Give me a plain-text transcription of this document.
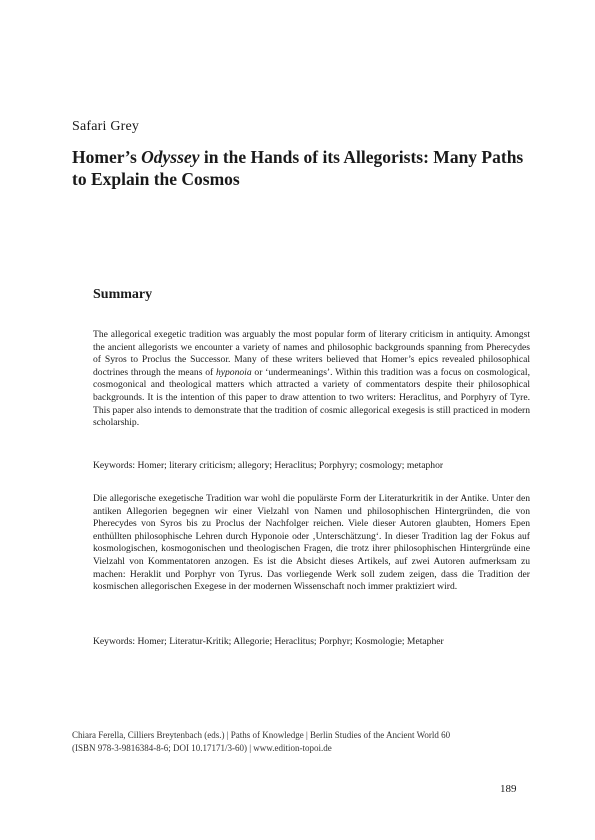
Safari Grey
Homer’s Odyssey in the Hands of its Allegorists: Many Paths to Explain the Cosmos
Summary

The allegorical exegetic tradition was arguably the most popular form of literary criticism in antiquity. Amongst the ancient allegorists we encounter a variety of names and philosophic backgrounds spanning from Pherecydes of Syros to Proclus the Successor. Many of these writers believed that Homer’s epics revealed philosophical doctrines through the means of hyponoia or ‘undermeanings’. Within this tradition was a focus on cosmological, cosmogonical and theological matters which attracted a variety of commentators despite their philosophical backgrounds. It is the intention of this paper to draw attention to two writers: Heraclitus, and Porphyry of Tyre. This paper also intends to demonstrate that the tradition of cosmic allegorical exegesis is still practiced in modern scholarship.

Keywords: Homer; literary criticism; allegory; Heraclitus; Porphyry; cosmology; metaphor

Die allegorische exegetische Tradition war wohl die populärste Form der Literaturkritik in der Antike. Unter den antiken Allegorien begegnen wir einer Vielzahl von Namen und philosophischen Hintergründen, die von Pherecydes von Syros bis zu Proclus der Nachfolger reichen. Viele dieser Autoren glaubten, Homers Epen enthüllten philosophische Lehren durch Hyponoie oder ‚Unterschätzung‘. In dieser Tradition lag der Fokus auf kosmologischen, kosmogonischen und theologischen Fragen, die trotz ihrer philosophischen Hintergründe eine Vielzahl von Kommentatoren anzogen. Es ist die Absicht dieses Artikels, auf zwei Autoren aufmerksam zu machen: Heraklit und Porphyr von Tyrus. Das vorliegende Werk soll zudem zeigen, dass die Tradition der kosmischen allegorischen Exegese in der modernen Wissenschaft noch immer praktiziert wird.

Keywords: Homer; Literatur-Kritik; Allegorie; Heraclitus; Porphyr; Kosmologie; Metapher
Chiara Ferella, Cilliers Breytenbach (eds.) | Paths of Knowledge | Berlin Studies of the Ancient World 60
(ISBN 978-3-9816384-8-6; DOI 10.17171/3-60) | www.edition-topoi.de
189
